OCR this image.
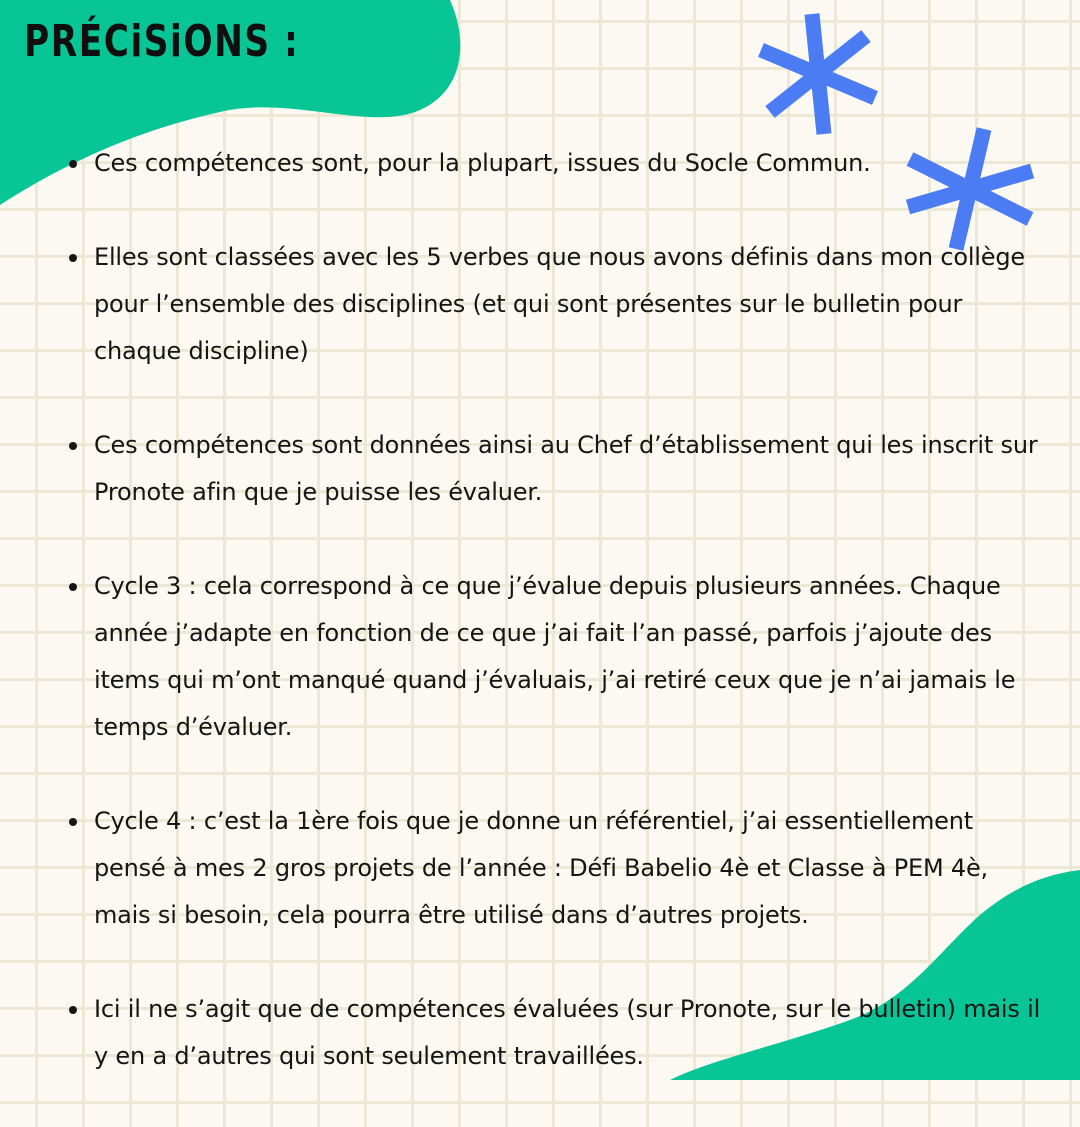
PRÉCiSiONS :
Ces compétences sont, pour la plupart, issues du Socle Commun.
Elles sont classées avec les 5 verbes que nous avons définis dans mon collège pour l’ensemble des disciplines (et qui sont présentes sur le bulletin pour chaque discipline)
Ces compétences sont données ainsi au Chef d’établissement qui les inscrit sur Pronote afin que je puisse les évaluer.
Cycle 3 : cela correspond à ce que j’évalue depuis plusieurs années. Chaque année j’adapte en fonction de ce que j’ai fait l’an passé, parfois j’ajoute des items qui m’ont manqué quand j’évaluais, j’ai retiré ceux que je n’ai jamais le temps d’évaluer.
Cycle 4 : c’est la 1ère fois que je donne un référentiel, j’ai essentiellement pensé à mes 2 gros projets de l’année : Défi Babelio 4è et Classe à PEM 4è, mais si besoin, cela pourra être utilisé dans d’autres projets.
Ici il ne s’agit que de compétences évaluées (sur Pronote, sur le bulletin) mais il y en a d’autres qui sont seulement travaillées.
